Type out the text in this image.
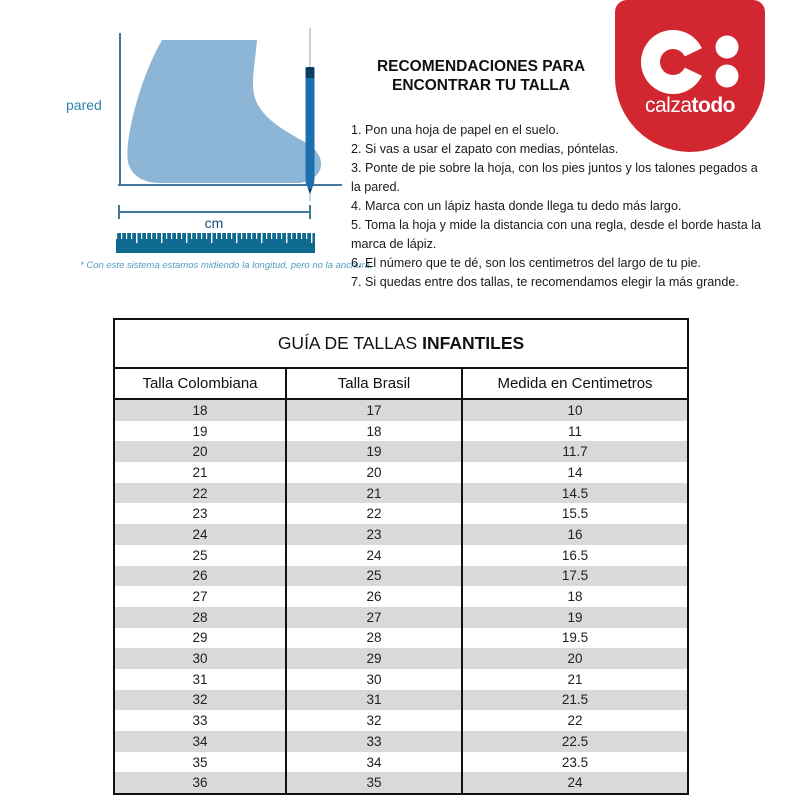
pared
cm
* Con este sistema estamos midiendo la longitud, pero no la anchura.
RECOMENDACIONES PARA
ENCONTRAR TU TALLA
1. Pon una hoja de papel en el suelo.
2. Si vas a usar el zapato con medias, póntelas.
3. Ponte de pie sobre la hoja, con los pies juntos y los talones pegados a la pared.
4. Marca con un lápiz hasta donde llega tu dedo más largo.
5. Toma la hoja y mide la distancia con una regla, desde el borde hasta la marca de lápiz.
6. El número que te dé, son los centimetros del largo de tu pie.
7. Si quedas entre dos tallas, te recomendamos elegir la más grande.
calzatodo
GUÍA DE TALLAS INFANTILES		
Talla Colombiana	Talla Brasil	Medida en Centimetros
18	17	10
19	18	11
20	19	11.7
21	20	14
22	21	14.5
23	22	15.5
24	23	16
25	24	16.5
26	25	17.5
27	26	18
28	27	19
29	28	19.5
30	29	20
31	30	21
32	31	21.5
33	32	22
34	33	22.5
35	34	23.5
36	35	24
